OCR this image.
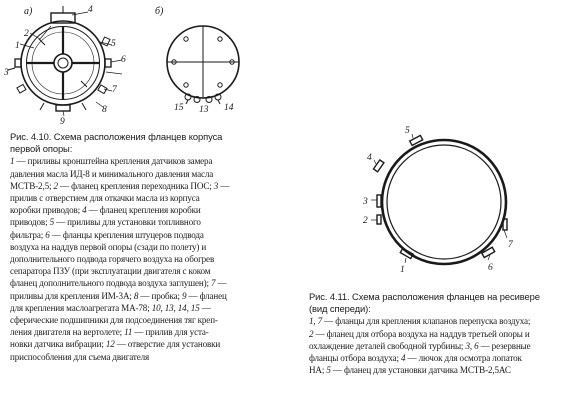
а)	б)
1
2
3
4
5
6
7
8
9
15 13 14
5
4
3
2
1
7
6
Рис. 4.10. Схема расположения фланцев корпуса
первой опоры:
1 — приливы кронштейна крепления датчиков замера
давления масла ИД-8 и минимального давления масла
МСТВ-2,5; 2 — фланец крепления переходника ПОС; 3 —
прилив с отверстием для откачки масла из корпуса
коробки приводов; 4 — фланец крепления коробки
приводов; 5 — приливы для установки топливного
фильтра; 6 — фланцы крепления штуцеров подвода
воздуха на наддув первой опоры (сзади по полету) и
дополнительного подвода горячего воздуха на обогрев
сепаратора ПЗУ (при эксплуатации двигателя с коком
фланец дополнительного подвода воздуха заглушен); 7 —
приливы для крепления ИМ-3А; 8 — пробка; 9 — фланец
для крепления маслоагрегата МА-78; 10, 13, 14, 15 —
сферические подшипники для подсоединения тяг креп-
ления двигателя на вертолете; 11 — прилив для уста-
новки датчика вибрации; 12 — отверстие для установки
приспособления для съема двигателя
Рис. 4.11. Схема расположения фланцев на ресивере
(вид спереди):
1, 7 — фланцы для крепления клапанов перепуска воздуха;
2 — фланец для отбора воздуха на наддув третьей опоры и
охлаждение деталей свободной турбины; 3, 6 — резервные
фланцы отбора воздуха; 4 — лючок для осмотра лопаток
НА; 5 — фланец для установки датчика МСТВ-2,5АС
